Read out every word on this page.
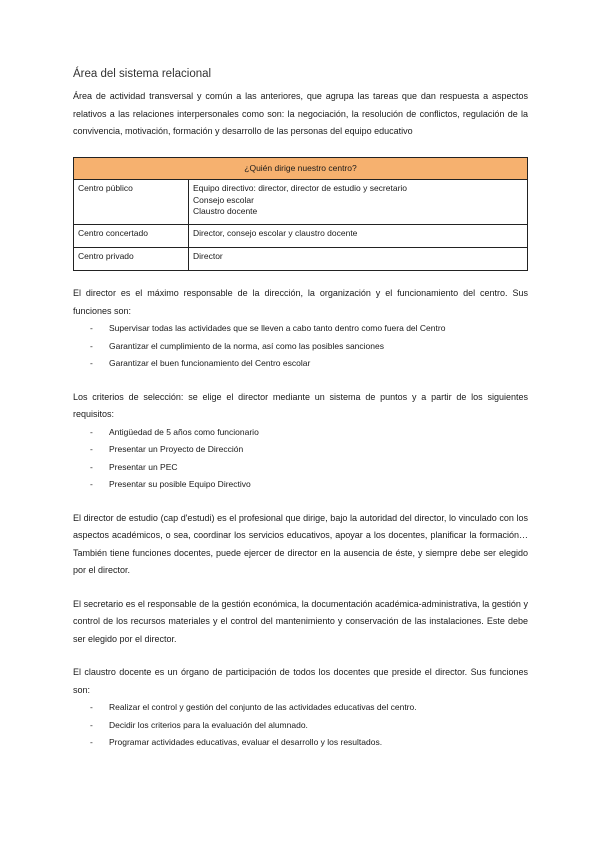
Área del sistema relacional

Área de actividad transversal y común a las anteriores, que agrupa las tareas que dan respuesta a aspectos relativos a las relaciones interpersonales como son: la negociación, la resolución de conflictos, regulación de la convivencia, motivación, formación y desarrollo de las personas del equipo educativo

¿Quién dirige nuestro centro?	
Centro público	Equipo directivo: director, director de estudio y secretario
Consejo escolar
Claustro docente

Centro concertado	Director, consejo escolar y claustro docente

Centro privado	Director

El director es el máximo responsable de la dirección, la organización y el funcionamiento del centro. Sus funciones son:

- Supervisar todas las actividades que se lleven a cabo tanto dentro como fuera del Centro
- Garantizar el cumplimiento de la norma, así como las posibles sanciones
- Garantizar el buen funcionamiento del Centro escolar

Los criterios de selección: se elige el director mediante un sistema de puntos y a partir de los siguientes requisitos:

- Antigüedad de 5 años como funcionario
- Presentar un Proyecto de Dirección
- Presentar un PEC
- Presentar su posible Equipo Directivo

El director de estudio (cap d'estudi) es el profesional que dirige, bajo la autoridad del director, lo vinculado con los aspectos académicos, o sea, coordinar los servicios educativos, apoyar a los docentes, planificar la formación… También tiene funciones docentes, puede ejercer de director en la ausencia de éste, y siempre debe ser elegido por el director.

El secretario es el responsable de la gestión económica, la documentación académica-administrativa, la gestión y control de los recursos materiales y el control del mantenimiento y conservación de las instalaciones. Este debe ser elegido por el director.

El claustro docente es un órgano de participación de todos los docentes que preside el director. Sus funciones son:

- Realizar el control y gestión del conjunto de las actividades educativas del centro.
- Decidir los criterios para la evaluación del alumnado.
- Programar actividades educativas, evaluar el desarrollo y los resultados.
